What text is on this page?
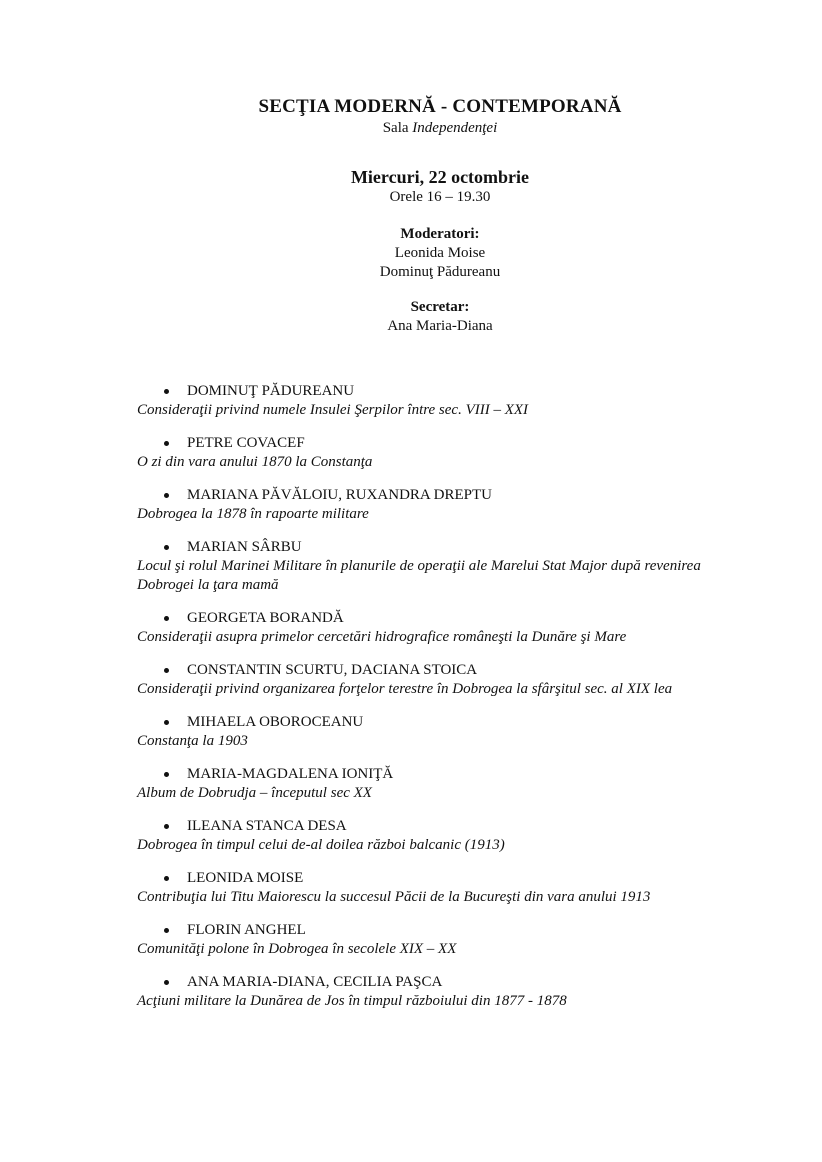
SECŢIA MODERNĂ - CONTEMPORANĂ
Sala Independenţei
Miercuri, 22 octombrie
Orele 16 – 19.30
Moderatori:
Leonida Moise
Dominuţ Pădureanu
Secretar:
Ana Maria-Diana
DOMINUŢ PĂDUREANU
Consideraţii privind numele Insulei Şerpilor între sec. VIII – XXI
PETRE COVACEF
O zi din vara anului 1870 la Constanţa
MARIANA PĂVĂLOIU, RUXANDRA DREPTU
Dobrogea la 1878 în rapoarte militare
MARIAN SÂRBU
Locul şi rolul Marinei Militare în planurile de operaţii ale Marelui Stat Major după revenirea Dobrogei la ţara mamă
GEORGETA BORANDĂ
Consideraţii asupra primelor cercetări hidrografice româneşti la Dunăre şi Mare
CONSTANTIN SCURTU, DACIANA STOICA
Consideraţii privind organizarea forţelor terestre în Dobrogea la sfârşitul sec. al XIX lea
MIHAELA OBOROCEANU
Constanţa la 1903
MARIA-MAGDALENA IONIŢĂ
Album de Dobrudja – începutul sec XX
ILEANA STANCA DESA
Dobrogea în timpul celui de-al doilea război balcanic (1913)
LEONIDA MOISE
Contribuţia lui Titu Maiorescu la succesul Păcii de la Bucureşti din vara anului 1913
FLORIN ANGHEL
Comunităţi polone în Dobrogea în secolele XIX – XX
ANA MARIA-DIANA, CECILIA PAŞCA
Acţiuni militare la Dunărea de Jos în timpul războiului din 1877 - 1878
